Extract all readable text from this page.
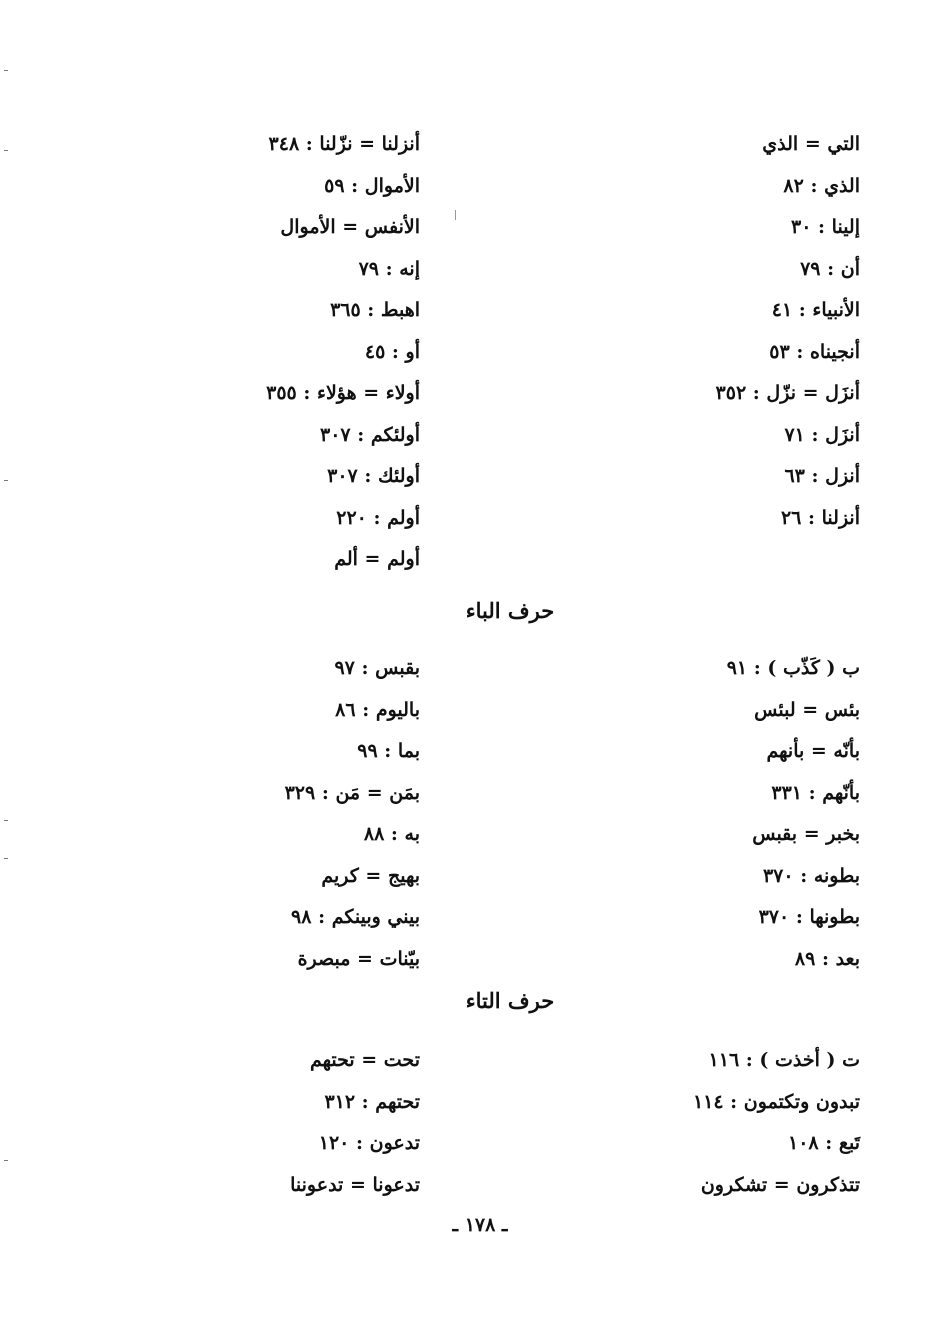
التي = الذي
الذي : ٨٢
إلينا : ٣٠
أن : ٧٩
الأنبياء : ٤١
أنجيناه : ٥٣
أنزَل = نزّل : ٣٥٢
أنزَل : ٧١
أنزل : ٦٣
أنزلنا : ٢٦
أنزلنا = نزّلنا : ٣٤٨
الأموال : ٥٩
الأنفس = الأموال
إنه : ٧٩
اهبط : ٣٦٥
أو : ٤٥
أولاء = هؤلاء : ٣٥٥
أولئكم : ٣٠٧
أولئك : ٣٠٧
أولم : ٢٢٠
أولم = ألم
حرف الباء
ب ( كَذّب ) : ٩١
بئس = لبئس
بأنّه = بأنهم
بأنّهم : ٣٣١
بخبر = بقبس
بطونه : ٣٧٠
بطونها : ٣٧٠
بعد : ٨٩
بقبس : ٩٧
باليوم : ٨٦
بما : ٩٩
بمَن = مَن : ٣٢٩
به : ٨٨
بهيج = كريم
بيني وبينكم : ٩٨
بيّنات = مبصرة
حرف التاء
ت ( أخذت ) : ١١٦
تبدون وتكتمون : ١١٤
تَبع : ١٠٨
تتذكرون = تشكرون
تحت = تحتهم
تحتهم : ٣١٢
تدعون : ١٢٠
تدعونا = تدعوننا
ـ ١٧٨ ـ
